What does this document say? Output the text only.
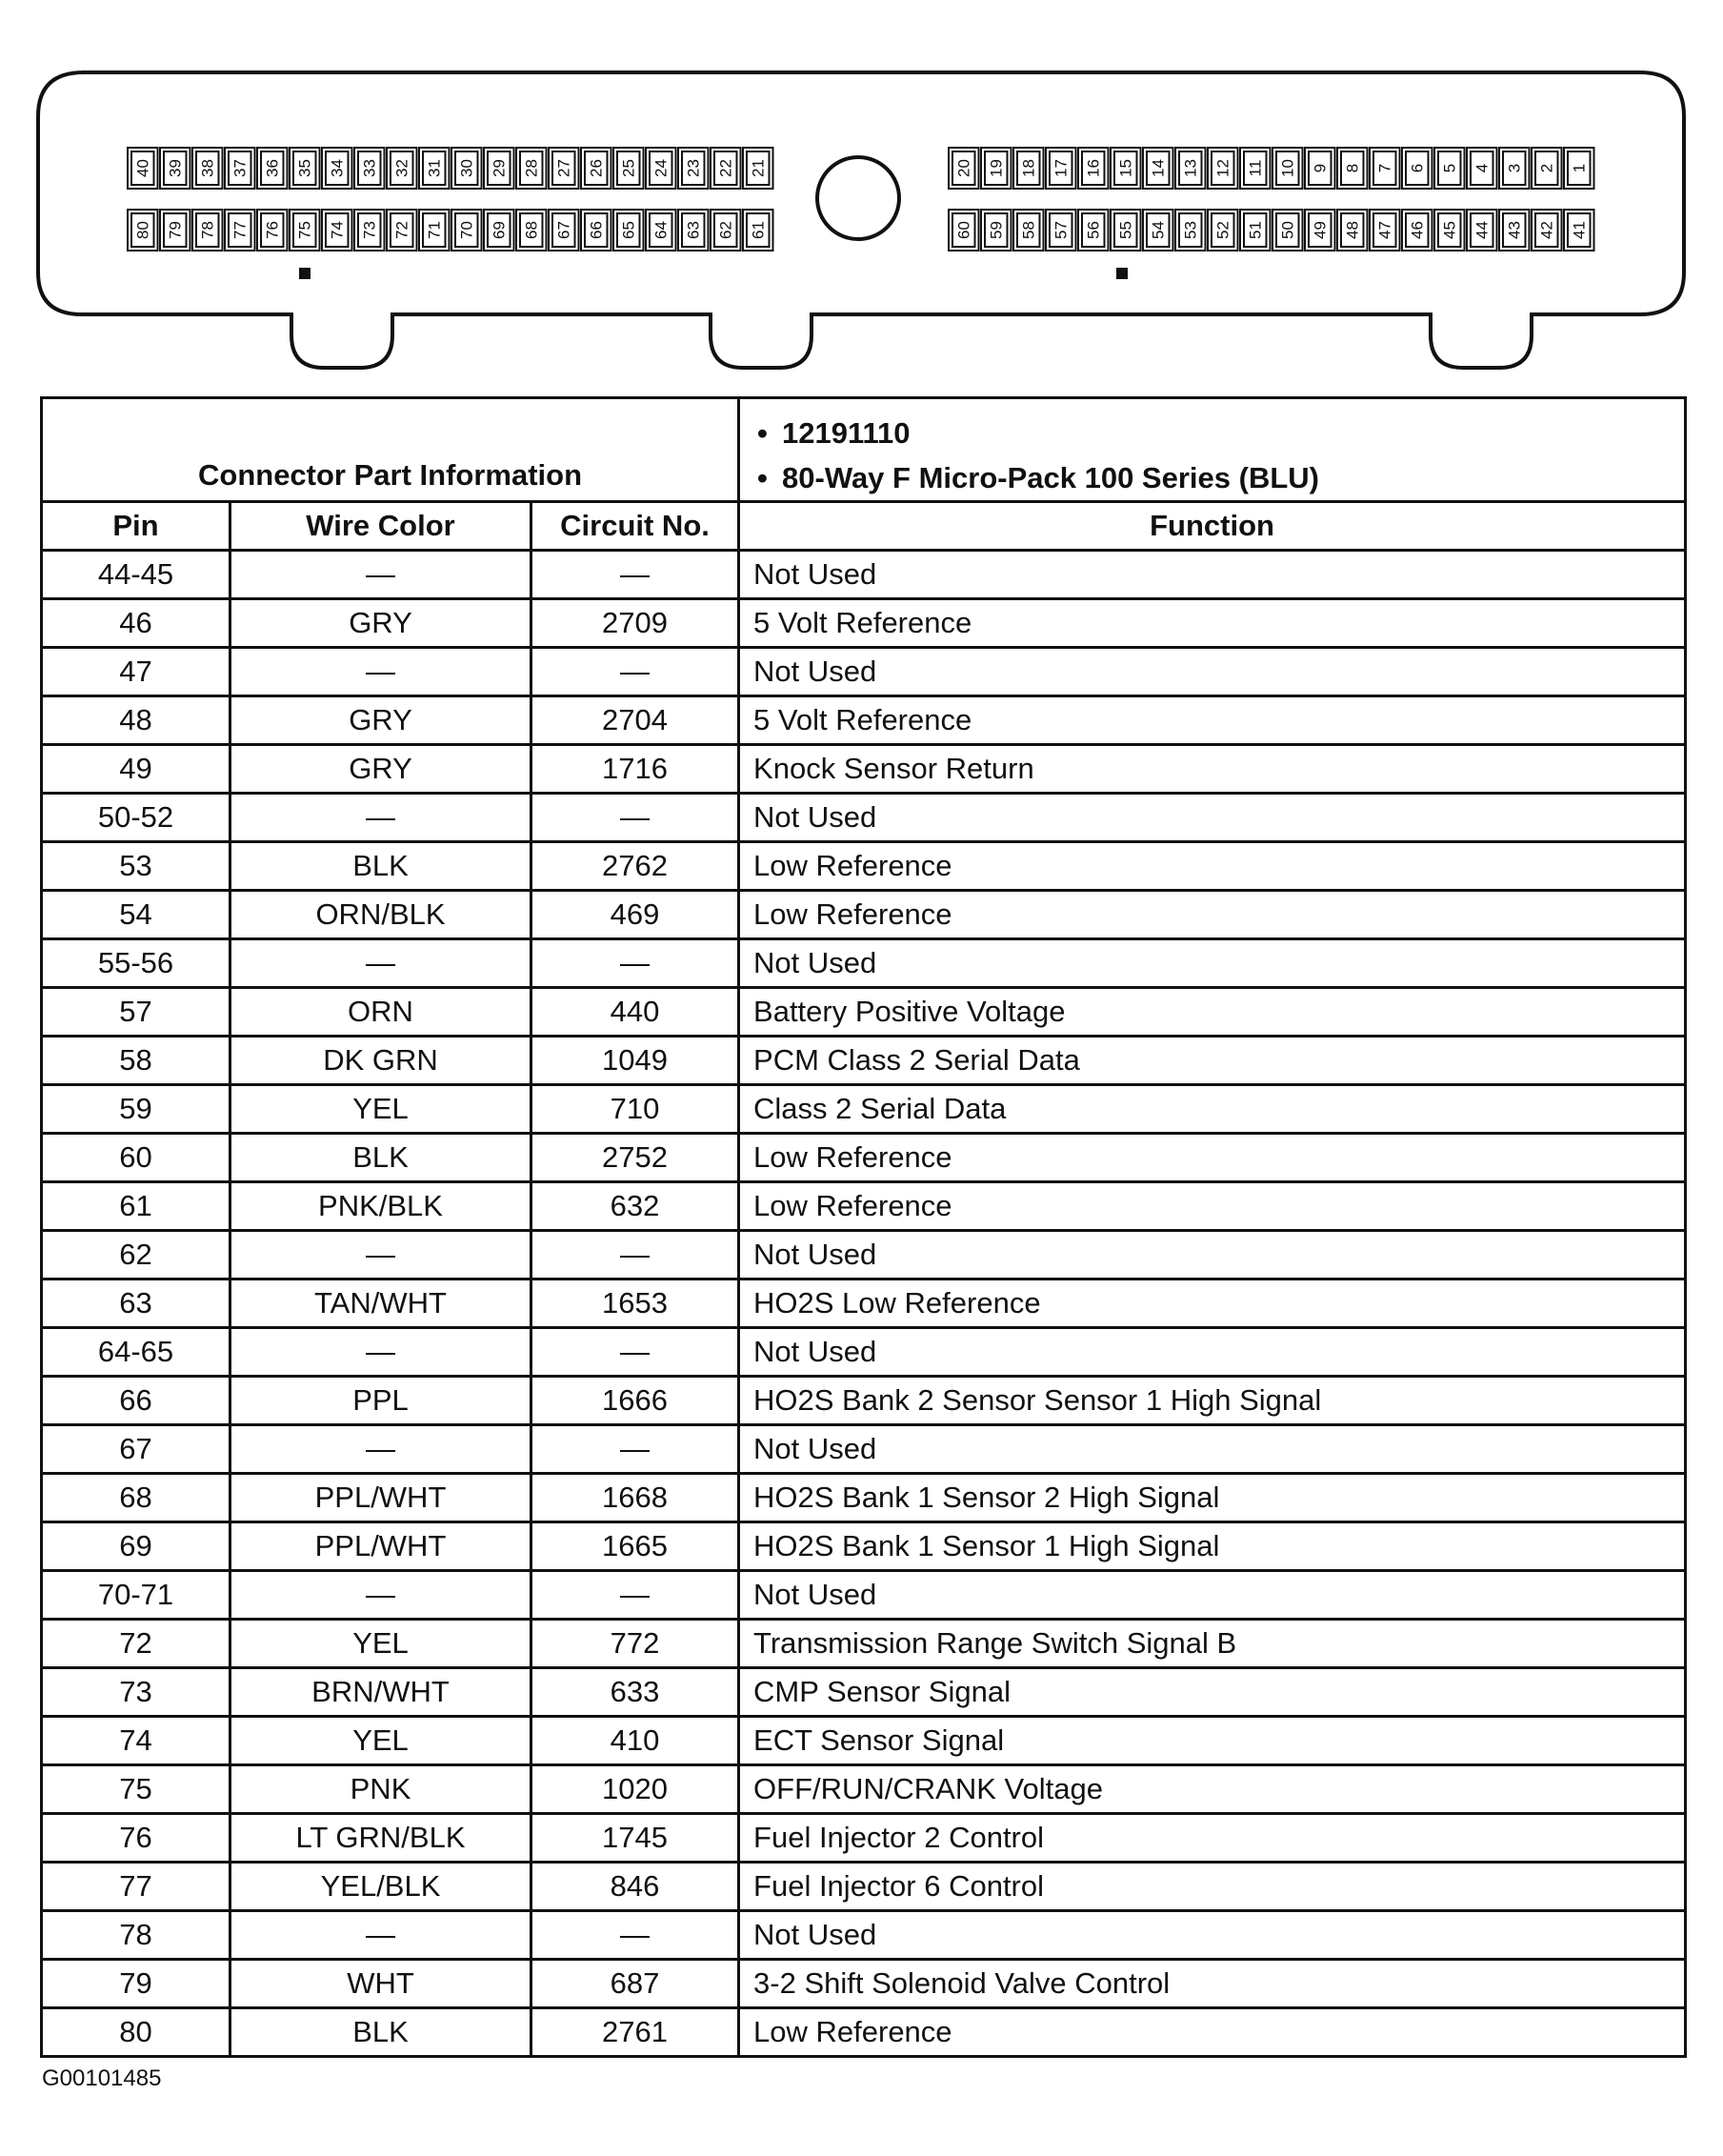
40 39 38 37 36 35 34 33 32 31 30 29 28 27 26 25 24 23 22 21	20 19 18 17 16 15 14 13 12 11 10 9 8 7 6 5 4 3 2 1
80 79 78 77 76 75 74 73 72 71 70 69 68 67 66 65 64 63 62 61	60 59 58 57 56 55 54 53 52 51 50 49 48 47 46 45 44 43 42 41
Connector Part Information			• 12191110
• 80-Way F Micro-Pack 100 Series (BLU)

Pin	Wire Color	Circuit No.	Function
44-45	—	—	Not Used
46	GRY	2709	5 Volt Reference
47	—	—	Not Used
48	GRY	2704	5 Volt Reference
49	GRY	1716	Knock Sensor Return
50-52	—	—	Not Used
53	BLK	2762	Low Reference
54	ORN/BLK	469	Low Reference
55-56	—	—	Not Used
57	ORN	440	Battery Positive Voltage
58	DK GRN	1049	PCM Class 2 Serial Data
59	YEL	710	Class 2 Serial Data
60	BLK	2752	Low Reference
61	PNK/BLK	632	Low Reference
62	—	—	Not Used
63	TAN/WHT	1653	HO2S Low Reference
64-65	—	—	Not Used
66	PPL	1666	HO2S Bank 2 Sensor Sensor 1 High Signal
67	—	—	Not Used
68	PPL/WHT	1668	HO2S Bank 1 Sensor 2 High Signal
69	PPL/WHT	1665	HO2S Bank 1 Sensor 1 High Signal
70-71	—	—	Not Used
72	YEL	772	Transmission Range Switch Signal B
73	BRN/WHT	633	CMP Sensor Signal
74	YEL	410	ECT Sensor Signal
75	PNK	1020	OFF/RUN/CRANK Voltage
76	LT GRN/BLK	1745	Fuel Injector 2 Control
77	YEL/BLK	846	Fuel Injector 6 Control
78	—	—	Not Used
79	WHT	687	3-2 Shift Solenoid Valve Control
80	BLK	2761	Low Reference
G00101485
